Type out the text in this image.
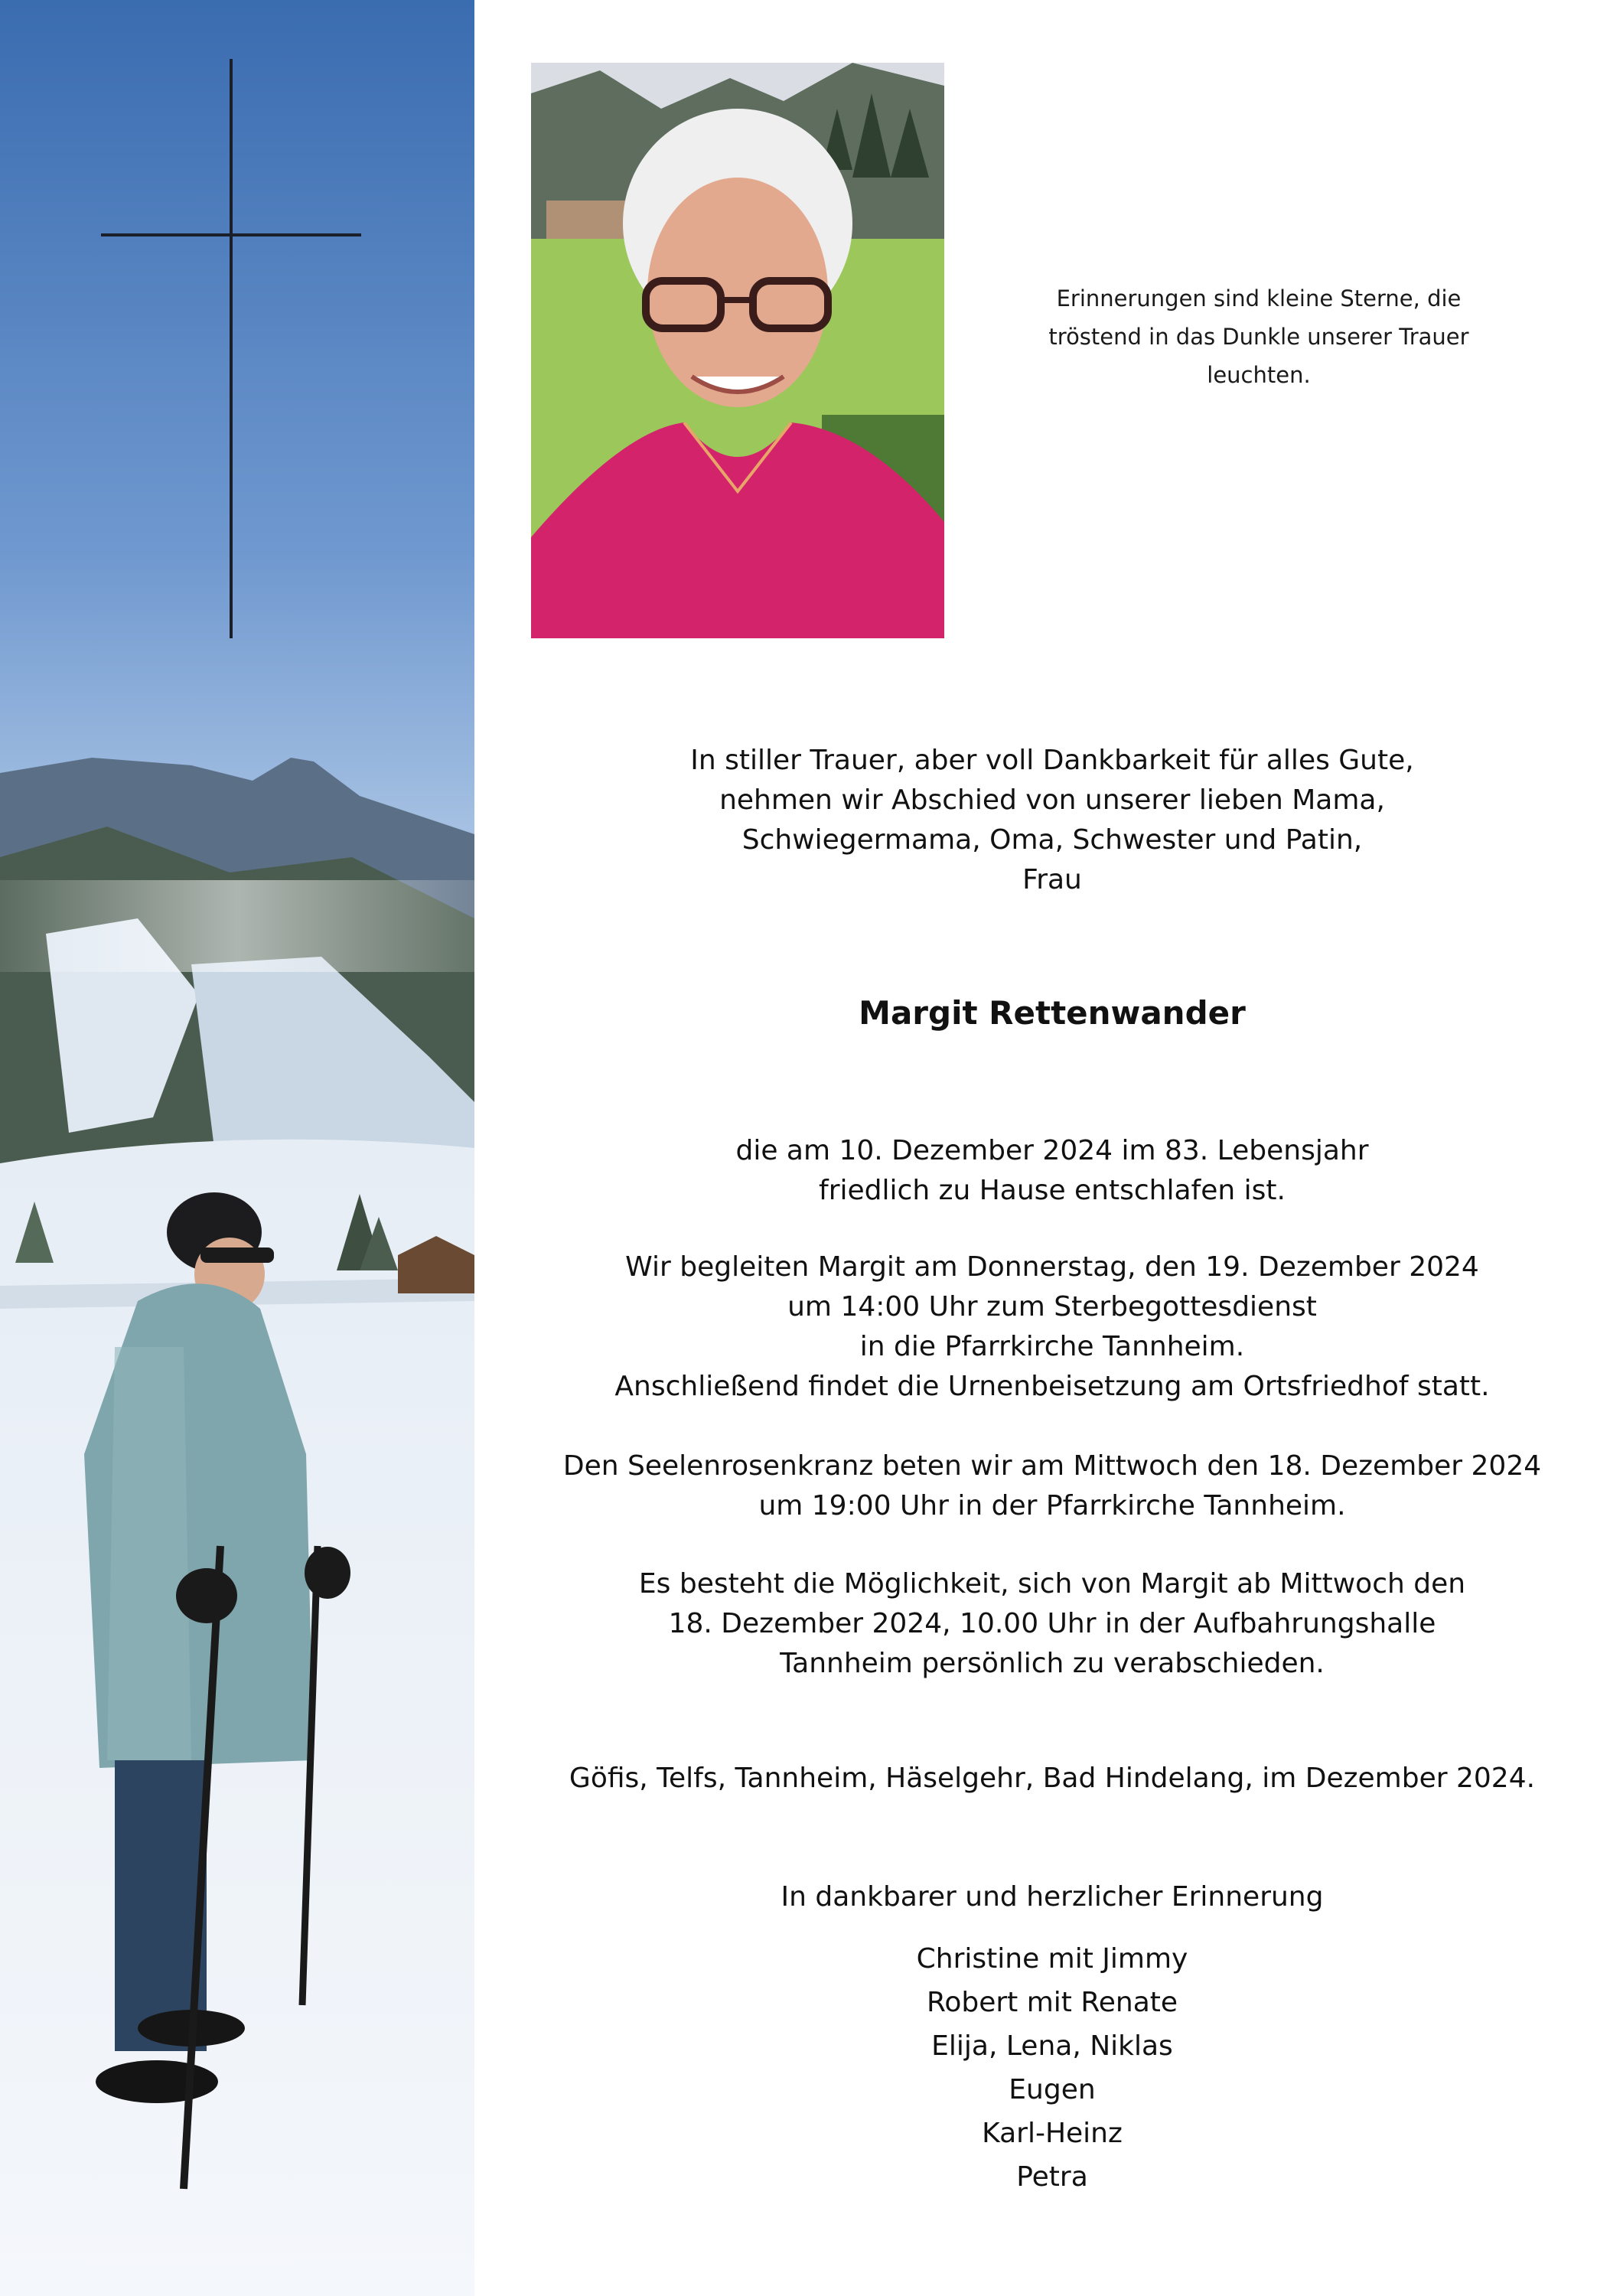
Erinnerungen sind kleine Sterne, die
tröstend in das Dunkle unserer Trauer
leuchten.
In stiller Trauer, aber voll Dankbarkeit für alles Gute,
nehmen wir Abschied von unserer lieben Mama,
Schwiegermama, Oma, Schwester und Patin,
Frau
Margit Rettenwander
die am 10. Dezember 2024 im 83. Lebensjahr
friedlich zu Hause entschlafen ist.
Wir begleiten Margit am Donnerstag, den 19. Dezember 2024
um 14:00 Uhr zum Sterbegottesdienst
in die Pfarrkirche Tannheim.
Anschließend findet die Urnenbeisetzung am Ortsfriedhof statt.
Den Seelenrosenkranz beten wir am Mittwoch den 18. Dezember 2024
um 19:00 Uhr in der Pfarrkirche Tannheim.
Es besteht die Möglichkeit, sich von Margit ab Mittwoch den
18. Dezember 2024, 10.00 Uhr in der Aufbahrungshalle
Tannheim persönlich zu verabschieden.
Göfis, Telfs, Tannheim, Häselgehr, Bad Hindelang, im Dezember 2024.
In dankbarer und herzlicher Erinnerung
Christine mit Jimmy
Robert mit Renate
Elija, Lena, Niklas
Eugen
Karl-Heinz
Petra
